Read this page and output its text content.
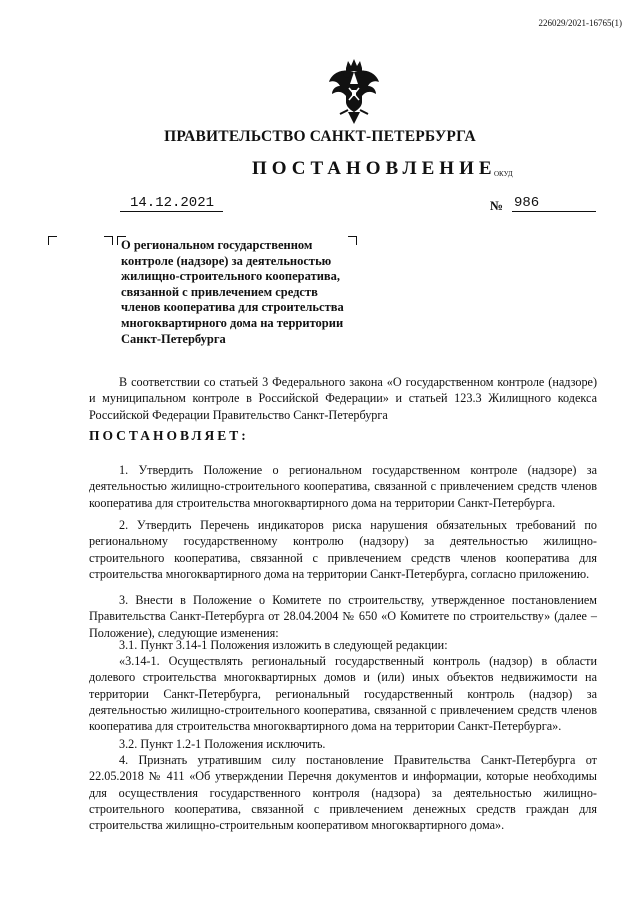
226029/2021-16765(1)
ПРАВИТЕЛЬСТВО САНКТ-ПЕТЕРБУРГА
ПОСТАНОВЛЕНИЕ
ОКУД
14.12.2021	№ 986
О региональном государственном
контроле (надзоре) за деятельностью
жилищно-строительного кооператива,
связанной с привлечением средств
членов кооператива для строительства
многоквартирного дома на территории
Санкт-Петербурга

В соответствии со статьей 3 Федерального закона «О государственном контроле (надзоре) и муниципальном контроле в Российской Федерации» и статьей 123.3 Жилищного кодекса Российской Федерации Правительство Санкт-Петербурга

ПОСТАНОВЛЯЕТ:

1. Утвердить Положение о региональном государственном контроле (надзоре) за деятельностью жилищно-строительного кооператива, связанной с привлечением средств членов кооператива для строительства многоквартирного дома на территории Санкт-Петербурга.

2. Утвердить Перечень индикаторов риска нарушения обязательных требований по региональному государственному контролю (надзору) за деятельностью жилищно-строительного кооператива, связанной с привлечением средств членов кооператива для строительства многоквартирного дома на территории Санкт-Петербурга, согласно приложению.

3. Внести в Положение о Комитете по строительству, утвержденное постановлением Правительства Санкт-Петербурга от 28.04.2004 № 650 «О Комитете по строительству» (далее – Положение), следующие изменения:

3.1. Пункт 3.14-1 Положения изложить в следующей редакции:

«3.14-1. Осуществлять региональный государственный контроль (надзор) в области долевого строительства многоквартирных домов и (или) иных объектов недвижимости на территории Санкт-Петербурга, региональный государственный контроль (надзор) за деятельностью жилищно-строительного кооператива, связанной с привлечением средств членов кооператива для строительства многоквартирного дома на территории Санкт-Петербурга».

3.2. Пункт 1.2-1 Положения исключить.

4. Признать утратившим силу постановление Правительства Санкт-Петербурга от 22.05.2018 № 411 «Об утверждении Перечня документов и информации, которые необходимы для осуществления государственного контроля (надзора) за деятельностью жилищно-строительного кооператива, связанной с привлечением денежных средств граждан для строительства жилищно-строительным кооперативом многоквартирного дома».
